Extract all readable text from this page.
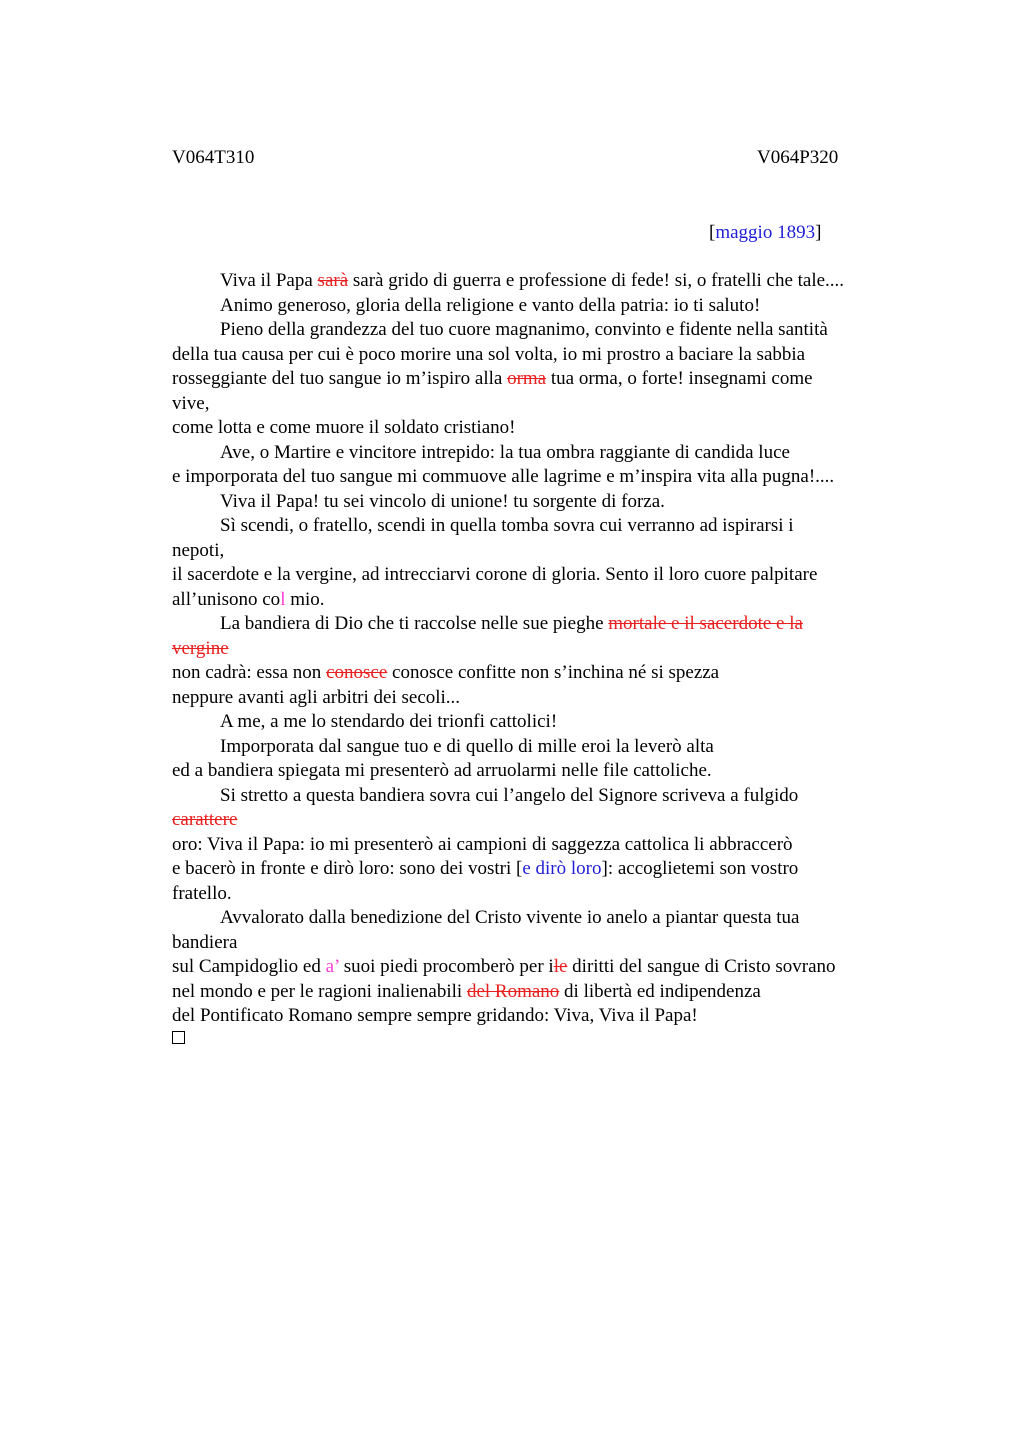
V064T310	V064P320
[maggio 1893]
Viva il Papa sarà sarà grido di guerra e professione di fede! si, o fratelli che tale....
Animo generoso, gloria della religione e vanto della patria: io ti saluto!
Pieno della grandezza del tuo cuore magnanimo, convinto e fidente nella santità
della tua causa per cui è poco morire una sol volta, io mi prostro a baciare la sabbia
rosseggiante del tuo sangue io m’ispiro alla orma tua orma, o forte! insegnami come
vive,
come lotta e come muore il soldato cristiano!
Ave, o Martire e vincitore intrepido: la tua ombra raggiante di candida luce
e imporporata del tuo sangue mi commuove alle lagrime e m’inspira vita alla pugna!....
Viva il Papa! tu sei vincolo di unione! tu sorgente di forza.
Sì scendi, o fratello, scendi in quella tomba sovra cui verranno ad ispirarsi i
nepoti,
il sacerdote e la vergine, ad intrecciarvi corone di gloria. Sento il loro cuore palpitare
all’unisono col mio.
La bandiera di Dio che ti raccolse nelle sue pieghe mortale e il sacerdote e la
vergine
non cadrà: essa non conosce conosce confitte non s’inchina né si spezza
neppure avanti agli arbitri dei secoli...
A me, a me lo stendardo dei trionfi cattolici!
Imporporata dal sangue tuo e di quello di mille eroi la leverò alta
ed a bandiera spiegata mi presenterò ad arruolarmi nelle file cattoliche.
Si stretto a questa bandiera sovra cui l’angelo del Signore scriveva a fulgido
carattere
oro: Viva il Papa: io mi presenterò ai campioni di saggezza cattolica li abbraccerò
e bacerò in fronte e dirò loro: sono dei vostri [e dirò loro]: accoglietemi son vostro
fratello.
Avvalorato dalla benedizione del Cristo vivente io anelo a piantar questa tua
bandiera
sul Campidoglio ed a’ suoi piedi procomberò per ile diritti del sangue di Cristo sovrano
nel mondo e per le ragioni inalienabili del Romano di libertà ed indipendenza
del Pontificato Romano sempre sempre gridando: Viva, Viva il Papa!
